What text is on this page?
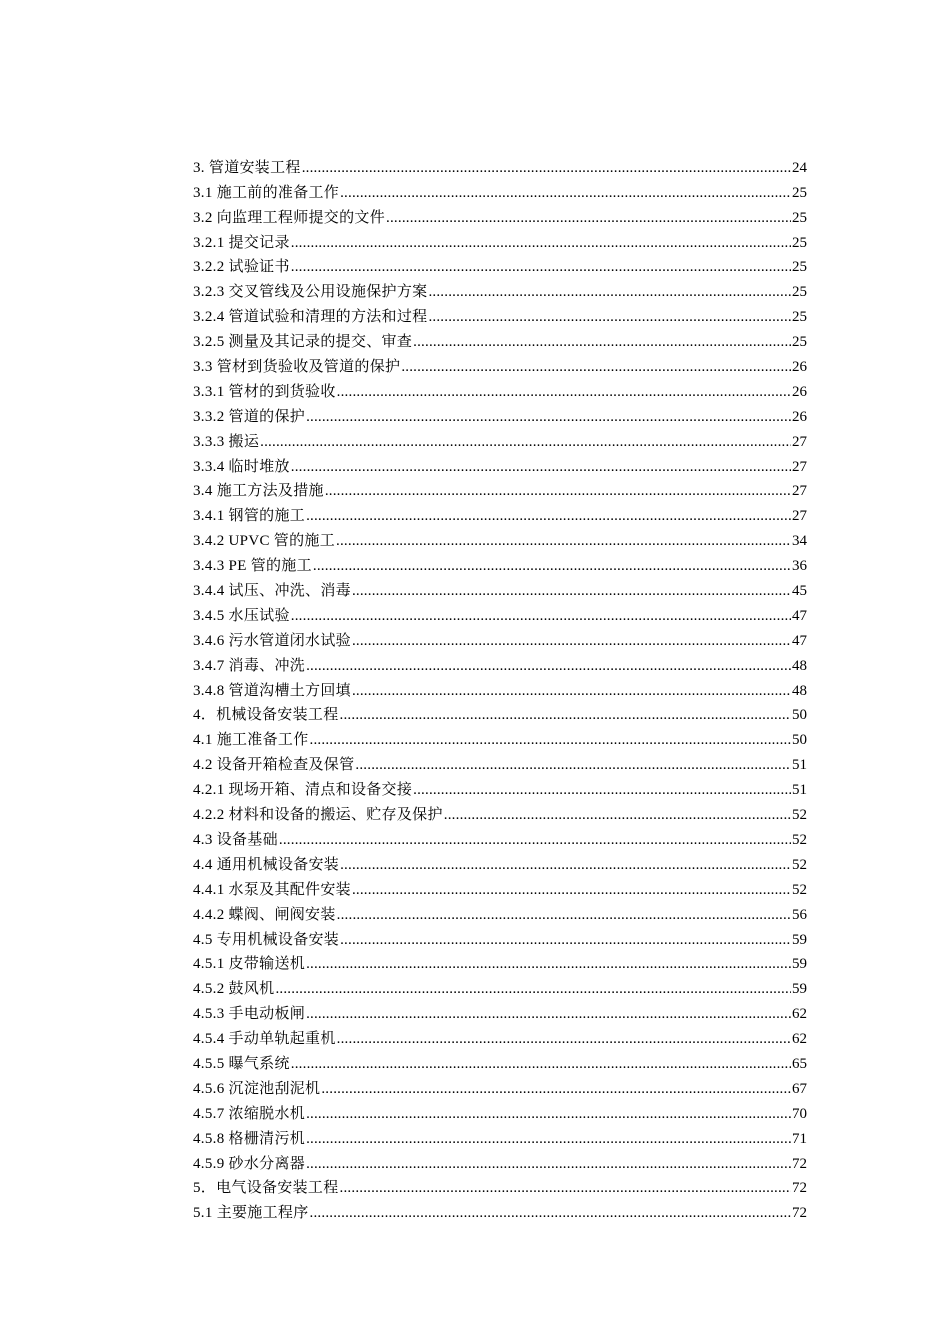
3. 管道安装工程 .....	24
3.1 施工前的准备工作 .....	25
3.2 向监理工程师提交的文件 .....	25
3.2.1 提交记录 .....	25
3.2.2 试验证书 .....	25
3.2.3 交叉管线及公用设施保护方案 .....	25
3.2.4 管道试验和清理的方法和过程 .....	25
3.2.5 测量及其记录的提交、审查 .....	25
3.3 管材到货验收及管道的保护 .....	26
3.3.1 管材的到货验收 .....	26
3.3.2 管道的保护 .....	26
3.3.3 搬运 .....	27
3.3.4 临时堆放 .....	27
3.4 施工方法及措施 .....	27
3.4.1 钢管的施工 .....	27
3.4.2 UPVC 管的施工 .....	34
3.4.3 PE 管的施工 .....	36
3.4.4 试压、冲洗、消毒 .....	45
3.4.5 水压试验 .....	47
3.4.6 污水管道闭水试验 .....	47
3.4.7 消毒、冲洗 .....	48
3.4.8 管道沟槽土方回填 .....	48
4．机械设备安装工程 .....	50
4.1 施工准备工作 .....	50
4.2 设备开箱检查及保管 .....	51
4.2.1 现场开箱、清点和设备交接 .....	51
4.2.2 材料和设备的搬运、贮存及保护 .....	52
4.3 设备基础 .....	52
4.4 通用机械设备安装 .....	52
4.4.1 水泵及其配件安装 .....	52
4.4.2 蝶阀、闸阀安装 .....	56
4.5 专用机械设备安装 .....	59
4.5.1 皮带输送机 .....	59
4.5.2 鼓风机 .....	59
4.5.3 手电动板闸 .....	62
4.5.4 手动单轨起重机 .....	62
4.5.5 曝气系统 .....	65
4.5.6 沉淀池刮泥机 .....	67
4.5.7 浓缩脱水机 .....	70
4.5.8 格栅清污机 .....	71
4.5.9 砂水分离器 .....	72
5．电气设备安装工程 .....	72
5.1 主要施工程序 .....	72
